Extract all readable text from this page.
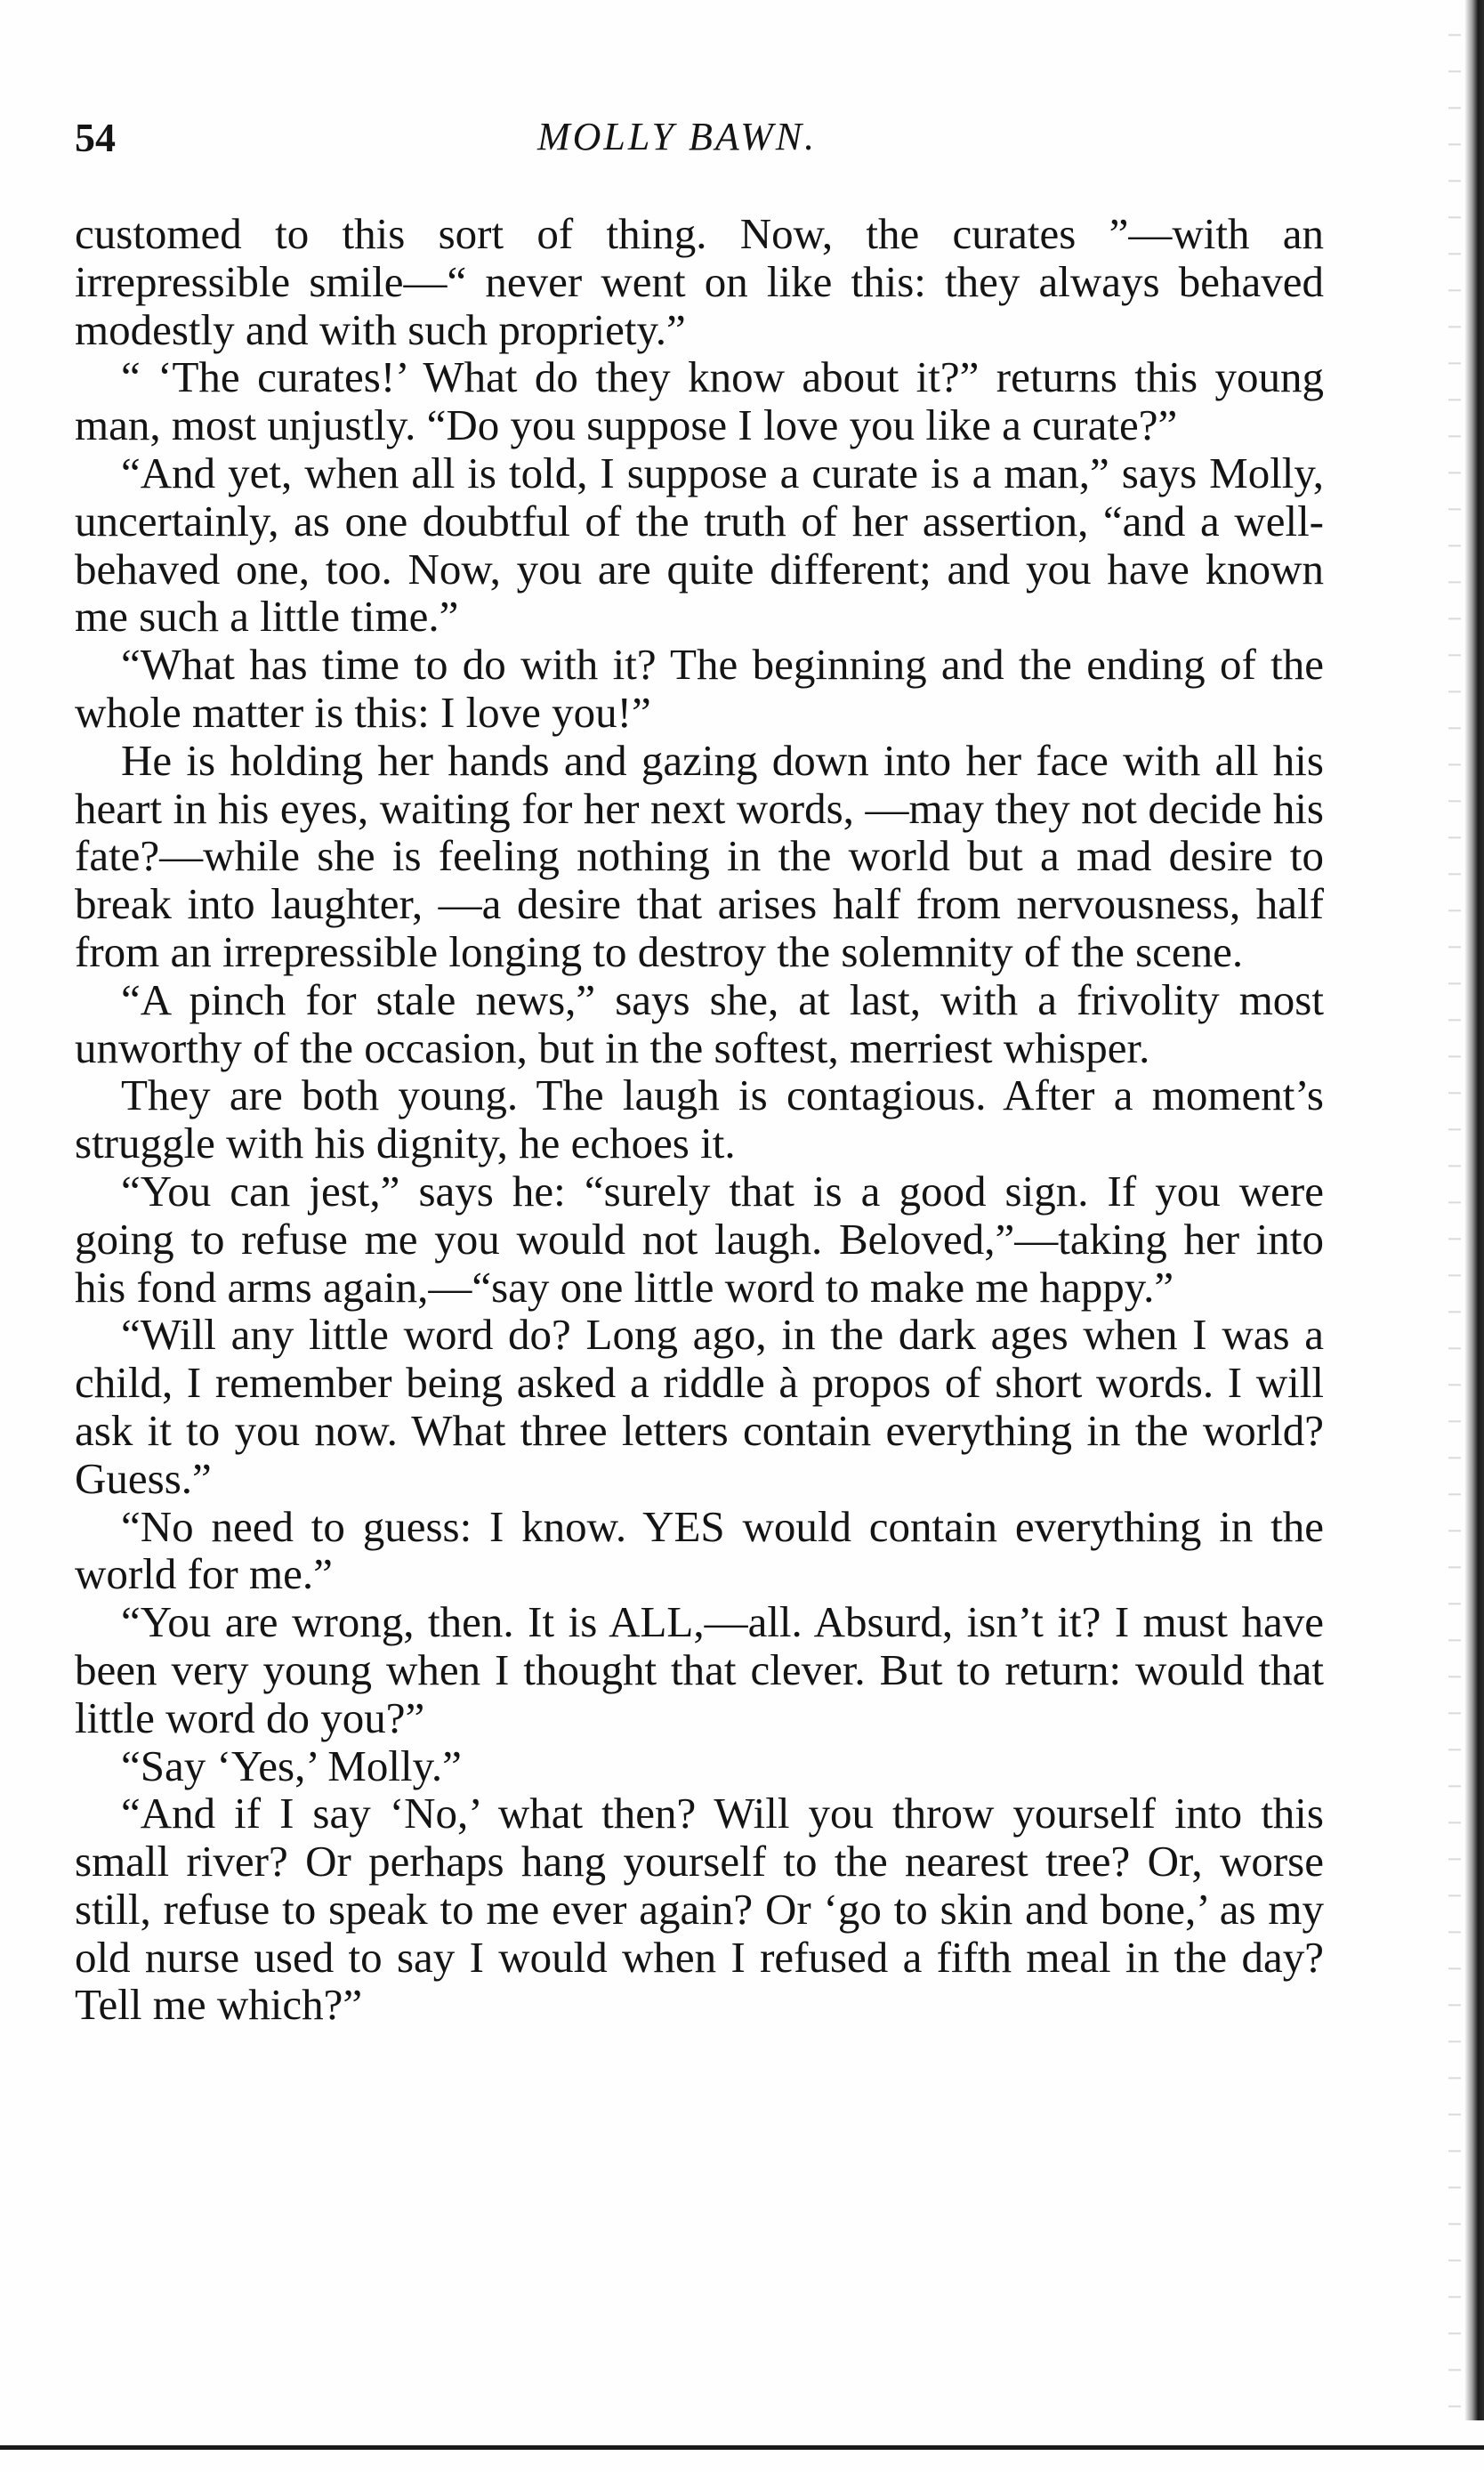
54	MOLLY BAWN.

customed to this sort of thing. Now, the curates ”—with an irrepressible smile—“ never went on like this: they always behaved modestly and with such propriety.”

“ ‘The curates!’ What do they know about it?” returns this young man, most unjustly. “Do you suppose I love you like a curate?”

“And yet, when all is told, I suppose a curate is a man,” says Molly, uncertainly, as one doubtful of the truth of her assertion, “and a well-behaved one, too. Now, you are quite different; and you have known me such a little time.”

“What has time to do with it? The beginning and the ending of the whole matter is this: I love you!”

He is holding her hands and gazing down into her face with all his heart in his eyes, waiting for her next words, —may they not decide his fate?—while she is feeling nothing in the world but a mad desire to break into laughter, —a desire that arises half from nervousness, half from an irrepressible longing to destroy the solemnity of the scene.

“A pinch for stale news,” says she, at last, with a frivolity most unworthy of the occasion, but in the softest, merriest whisper.

They are both young. The laugh is contagious. After a moment’s struggle with his dignity, he echoes it.

“You can jest,” says he: “surely that is a good sign. If you were going to refuse me you would not laugh. Beloved,”—taking her into his fond arms again,—“say one little word to make me happy.”

“Will any little word do? Long ago, in the dark ages when I was a child, I remember being asked a riddle à propos of short words. I will ask it to you now. What three letters contain everything in the world? Guess.”

“No need to guess: I know. YES would contain everything in the world for me.”

“You are wrong, then. It is ALL,—all. Absurd, isn’t it? I must have been very young when I thought that clever. But to return: would that little word do you?”

“Say ‘Yes,’ Molly.”

“And if I say ‘No,’ what then? Will you throw yourself into this small river? Or perhaps hang yourself to the nearest tree? Or, worse still, refuse to speak to me ever again? Or ‘go to skin and bone,’ as my old nurse used to say I would when I refused a fifth meal in the day? Tell me which?”
